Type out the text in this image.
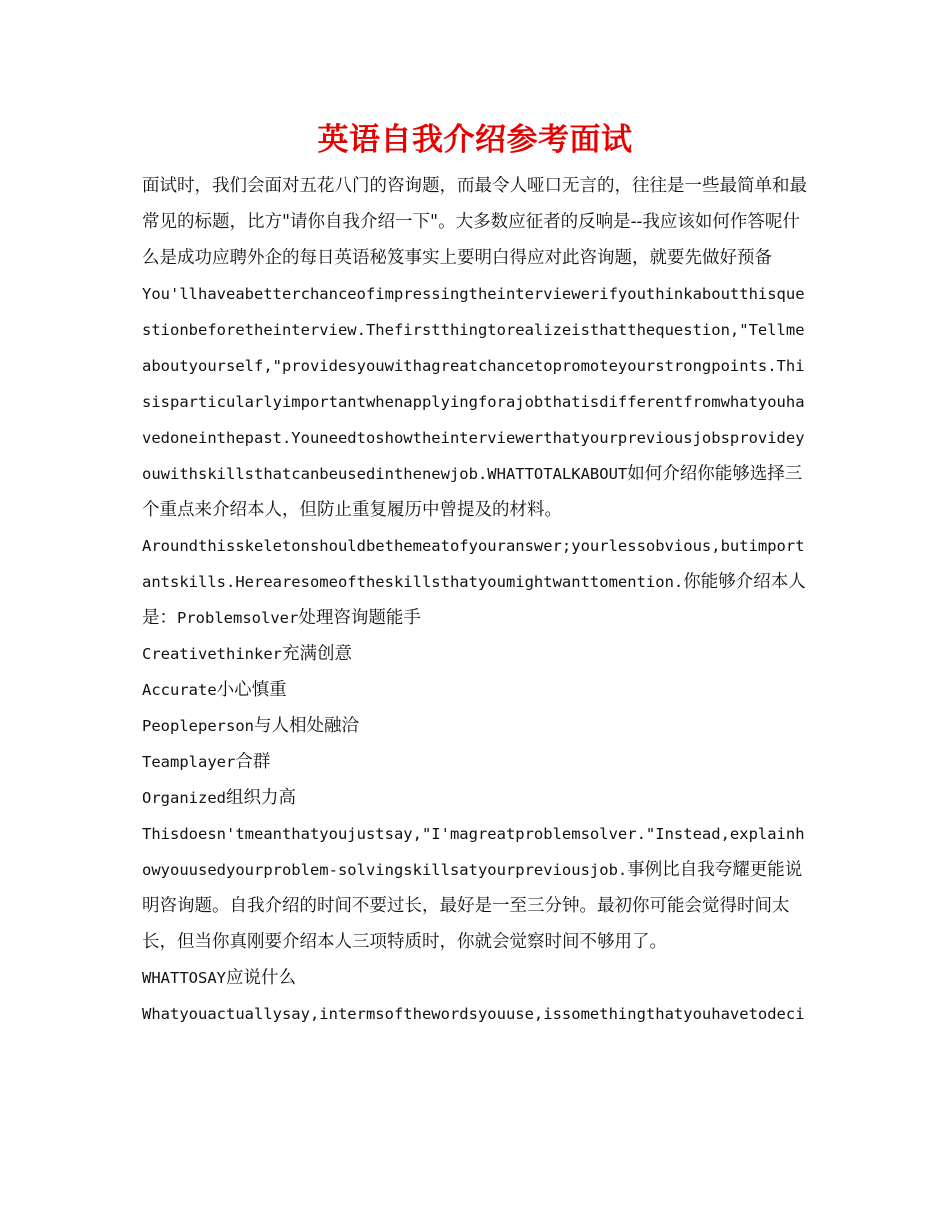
英语自我介绍参考面试

面试时，我们会面对五花八门的咨询题，而最令人哑口无言的，往往是一些最简单和最常见的标题，比方"请你自我介绍一下"。大多数应征者的反响是--我应该如何作答呢什么是成功应聘外企的每日英语秘笈事实上要明白得应对此咨询题，就要先做好预备

You'llhaveabetterchanceofimpressingtheinterviewerifyouthinkaboutthisquestionbeforetheinterview.Thefirstthingtorealizeisthatthequestion,"Tellmeaboutyourself,"providesyouwithagreatchancetopromoteyourstrongpoints.Thisisparticularlyimportantwhenapplyingforajobthatisdifferentfromwhatyouhavedoneinthepast.Youneedtoshowtheinterviewerthatyourpreviousjobsprovideyouwithskillsthatcanbeusedinthenewjob.WHATTOTALKABOUT如何介绍你能够选择三个重点来介绍本人，但防止重复履历中曾提及的材料。

Aroundthisskeletonshouldbethemeatofyouranswer;yourlessobvious,butimportantskills.Herearesomeoftheskillsthatyoumightwanttomention.你能够介绍本人是：Problemsolver处理咨询题能手

Creativethinker充满创意

Accurate小心慎重

Peopleperson与人相处融洽

Teamplayer合群

Organized组织力高

Thisdoesn'tmeanthatyoujustsay,"I'magreatproblemsolver."Instead,explainhowyouusedyourproblem-solvingskillsatyourpreviousjob.事例比自我夸耀更能说明咨询题。自我介绍的时间不要过长，最好是一至三分钟。最初你可能会觉得时间太长，但当你真刚要介绍本人三项特质时，你就会觉察时间不够用了。

WHATTOSAY应说什么

Whatyouactuallysay,intermsofthewordsyouuse,issomethingthatyouhavetodeci
